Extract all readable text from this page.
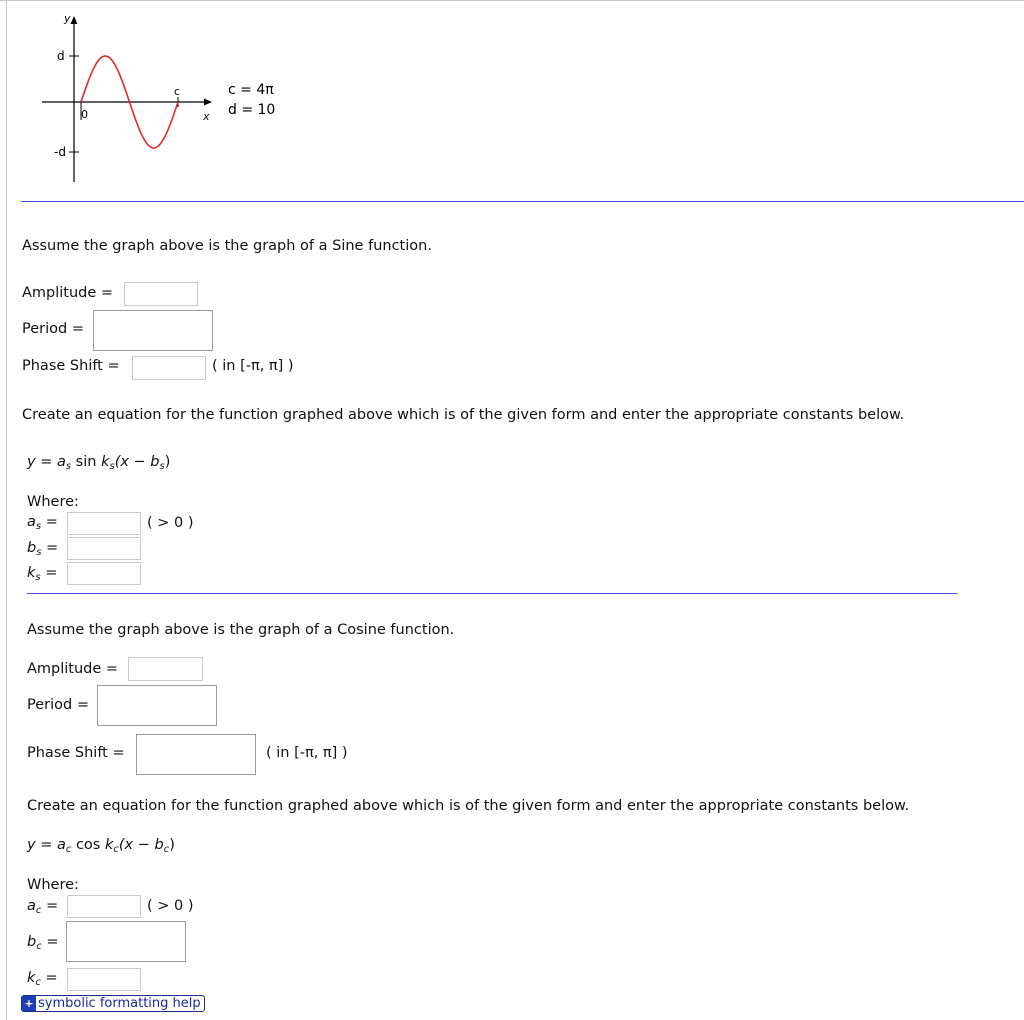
y
x
d
-d
0
c	c = 4π
d = 10
Assume the graph above is the graph of a Sine function.
Amplitude =
Period =
Phase Shift =	( in [-π, π] )
Create an equation for the function graphed above which is of the given form and enter the appropriate constants below.
$y = a_s$ $\sin k_s(x - b_s)$
Where:
$a_s$ =	( > 0 )
$b_s$ =
$k_s$ =
Assume the graph above is the graph of a Cosine function.
Amplitude =
Period =
Phase Shift =	( in [-π, π] )
Create an equation for the function graphed above which is of the given form and enter the appropriate constants below.
$y = a_c$ $\cos k_c(x - b_c)$
Where:
$a_c$ =	( > 0 )
$b_c$ =
$k_c$ =
+ symbolic formatting help
